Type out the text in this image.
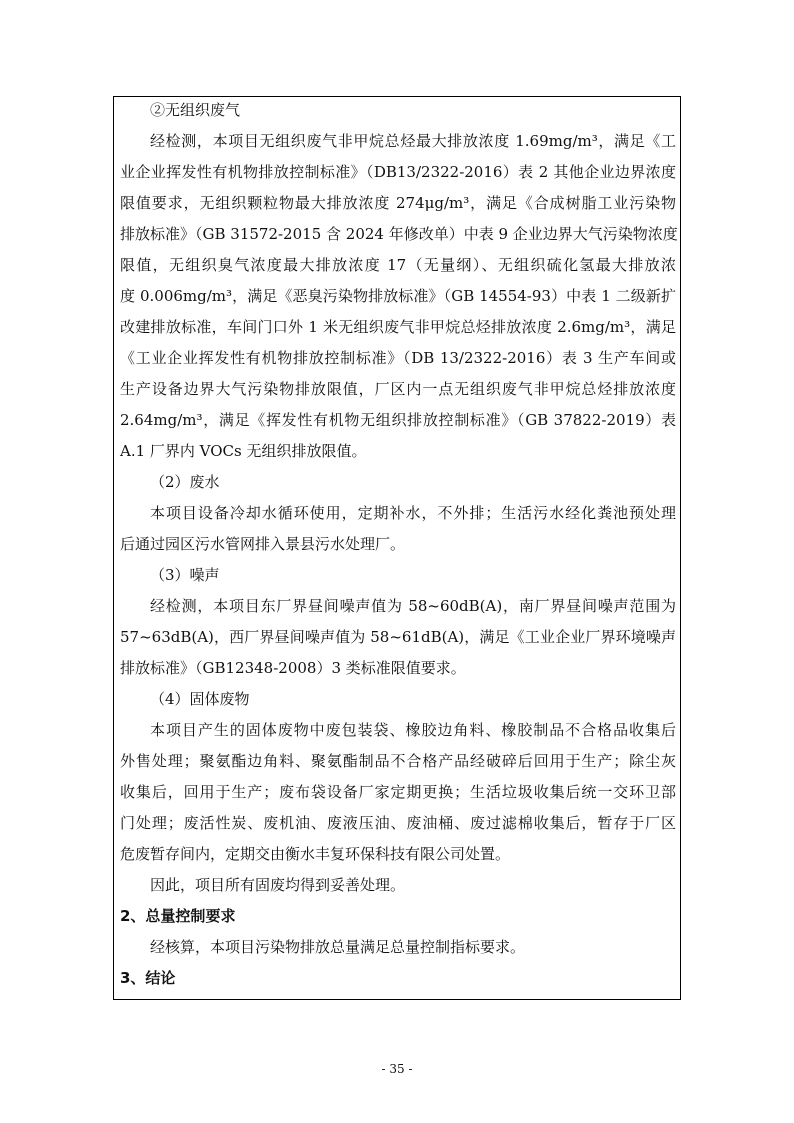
②无组织废气
经检测，本项目无组织废气非甲烷总烃最大排放浓度 1.69mg/m³，满足《工
业企业挥发性有机物排放控制标准》（DB13/2322-2016）表 2 其他企业边界浓度
限值要求，无组织颗粒物最大排放浓度 274μg/m³，满足《合成树脂工业污染物
排放标准》（GB 31572-2015 含 2024 年修改单）中表 9 企业边界大气污染物浓度
限值，无组织臭气浓度最大排放浓度 17（无量纲）、无组织硫化氢最大排放浓
度 0.006mg/m³，满足《恶臭污染物排放标准》（GB 14554-93）中表 1 二级新扩
改建排放标准，车间门口外 1 米无组织废气非甲烷总烃排放浓度 2.6mg/m³，满足
《工业企业挥发性有机物排放控制标准》（DB 13/2322-2016）表 3 生产车间或
生产设备边界大气污染物排放限值，厂区内一点无组织废气非甲烷总烃排放浓度
2.64mg/m³，满足《挥发性有机物无组织排放控制标准》（GB 37822-2019）表
A.1 厂界内 VOCs 无组织排放限值。
（2）废水
本项目设备冷却水循环使用，定期补水，不外排；生活污水经化粪池预处理
后通过园区污水管网排入景县污水处理厂。
（3）噪声
经检测，本项目东厂界昼间噪声值为 58~60dB(A)，南厂界昼间噪声范围为
57~63dB(A)，西厂界昼间噪声值为 58~61dB(A)，满足《工业企业厂界环境噪声
排放标准》（GB12348-2008）3 类标准限值要求。
（4）固体废物
本项目产生的固体废物中废包装袋、橡胶边角料、橡胶制品不合格品收集后
外售处理；聚氨酯边角料、聚氨酯制品不合格产品经破碎后回用于生产；除尘灰
收集后，回用于生产；废布袋设备厂家定期更换；生活垃圾收集后统一交环卫部
门处理；废活性炭、废机油、废液压油、废油桶、废过滤棉收集后，暂存于厂区
危废暂存间内，定期交由衡水丰复环保科技有限公司处置。
因此，项目所有固废均得到妥善处理。
2、总量控制要求
经核算，本项目污染物排放总量满足总量控制指标要求。
3、结论
- 35 -
